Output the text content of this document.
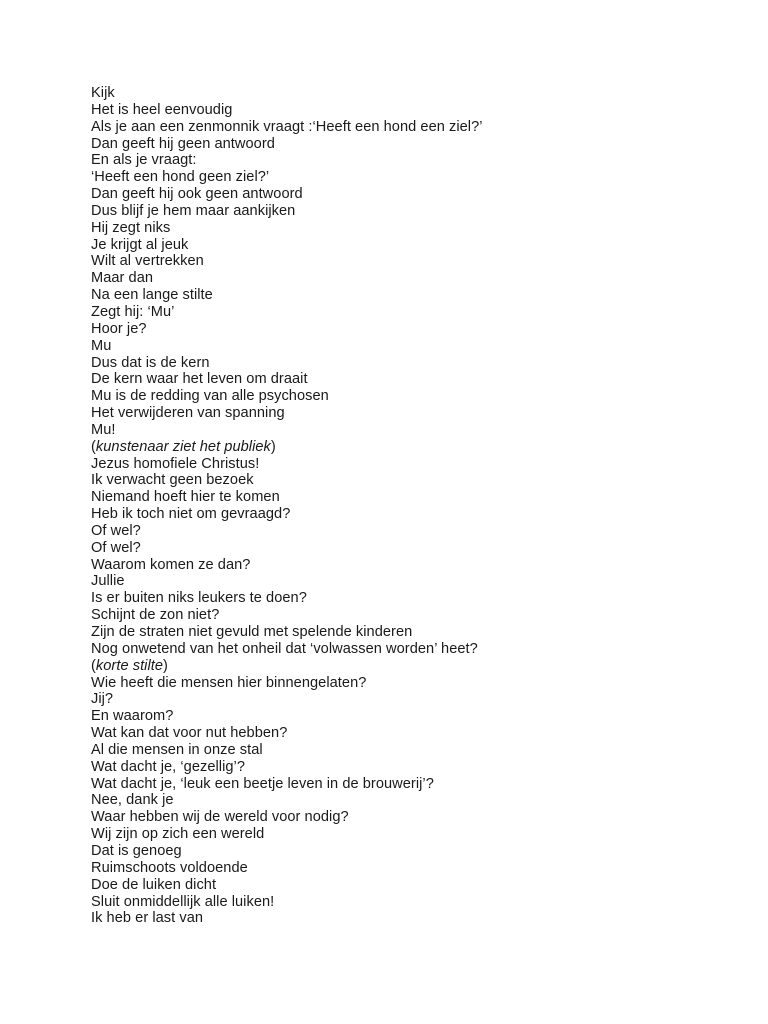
Kijk
Het is heel eenvoudig
Als je aan een zenmonnik vraagt :‘Heeft een hond een ziel?’
Dan geeft hij geen antwoord
En als je vraagt:
‘Heeft een hond geen ziel?’
Dan geeft hij ook geen antwoord
Dus blijf je hem maar aankijken
Hij zegt niks
Je krijgt al jeuk
Wilt al vertrekken
Maar dan
Na een lange stilte
Zegt hij: ‘Mu’
Hoor je?
Mu
Dus dat is de kern
De kern waar het leven om draait
Mu is de redding van alle psychosen
Het verwijderen van spanning
Mu!
(kunstenaar ziet het publiek)
Jezus homofiele Christus!
Ik verwacht geen bezoek
Niemand hoeft hier te komen
Heb ik toch niet om gevraagd?
Of wel?
Of wel?
Waarom komen ze dan?
Jullie
Is er buiten niks leukers te doen?
Schijnt de zon niet?
Zijn de straten niet gevuld met spelende kinderen
Nog onwetend van het onheil dat ‘volwassen worden’ heet?
(korte stilte)
Wie heeft die mensen hier binnengelaten?
Jij?
En waarom?
Wat kan dat voor nut hebben?
Al die mensen in onze stal
Wat dacht je, ‘gezellig’?
Wat dacht je, ‘leuk een beetje leven in de brouwerij’?
Nee, dank je
Waar hebben wij de wereld voor nodig?
Wij zijn op zich een wereld
Dat is genoeg
Ruimschoots voldoende
Doe de luiken dicht
Sluit onmiddellijk alle luiken!
Ik heb er last van
